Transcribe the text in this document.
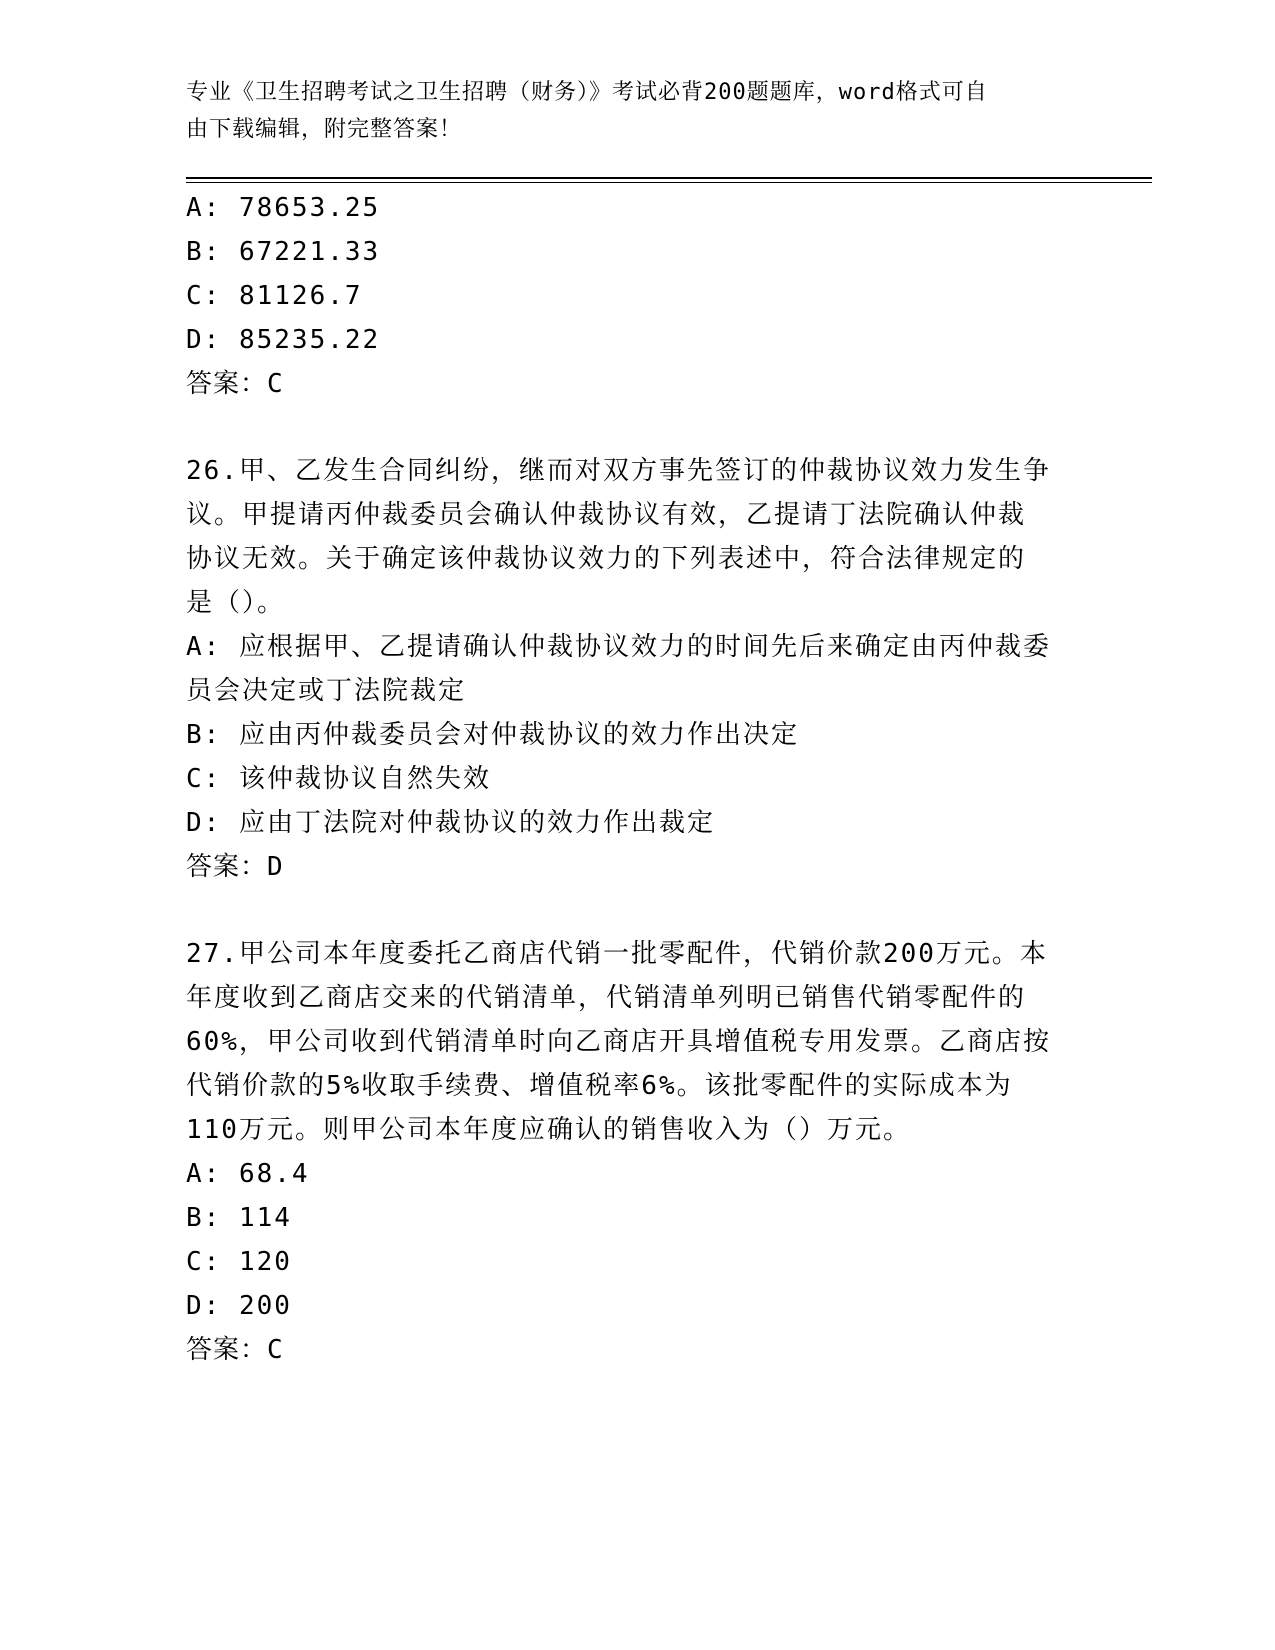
专业《卫生招聘考试之卫生招聘（财务）》考试必背200题题库，word格式可自
由下载编辑，附完整答案！
A: 78653.25
B: 67221.33
C: 81126.7
D: 85235.22
答案：C
26.甲、乙发生合同纠纷，继而对双方事先签订的仲裁协议效力发生争
议。甲提请丙仲裁委员会确认仲裁协议有效，乙提请丁法院确认仲裁
协议无效。关于确定该仲裁协议效力的下列表述中，符合法律规定的
是（）。
A: 应根据甲、乙提请确认仲裁协议效力的时间先后来确定由丙仲裁委
员会决定或丁法院裁定
B: 应由丙仲裁委员会对仲裁协议的效力作出决定
C: 该仲裁协议自然失效
D: 应由丁法院对仲裁协议的效力作出裁定
答案：D
27.甲公司本年度委托乙商店代销一批零配件，代销价款200万元。本
年度收到乙商店交来的代销清单，代销清单列明已销售代销零配件的
60%，甲公司收到代销清单时向乙商店开具增值税专用发票。乙商店按
代销价款的5%收取手续费、增值税率6%。该批零配件的实际成本为
110万元。则甲公司本年度应确认的销售收入为（）万元。
A: 68.4
B: 114
C: 120
D: 200
答案：C
